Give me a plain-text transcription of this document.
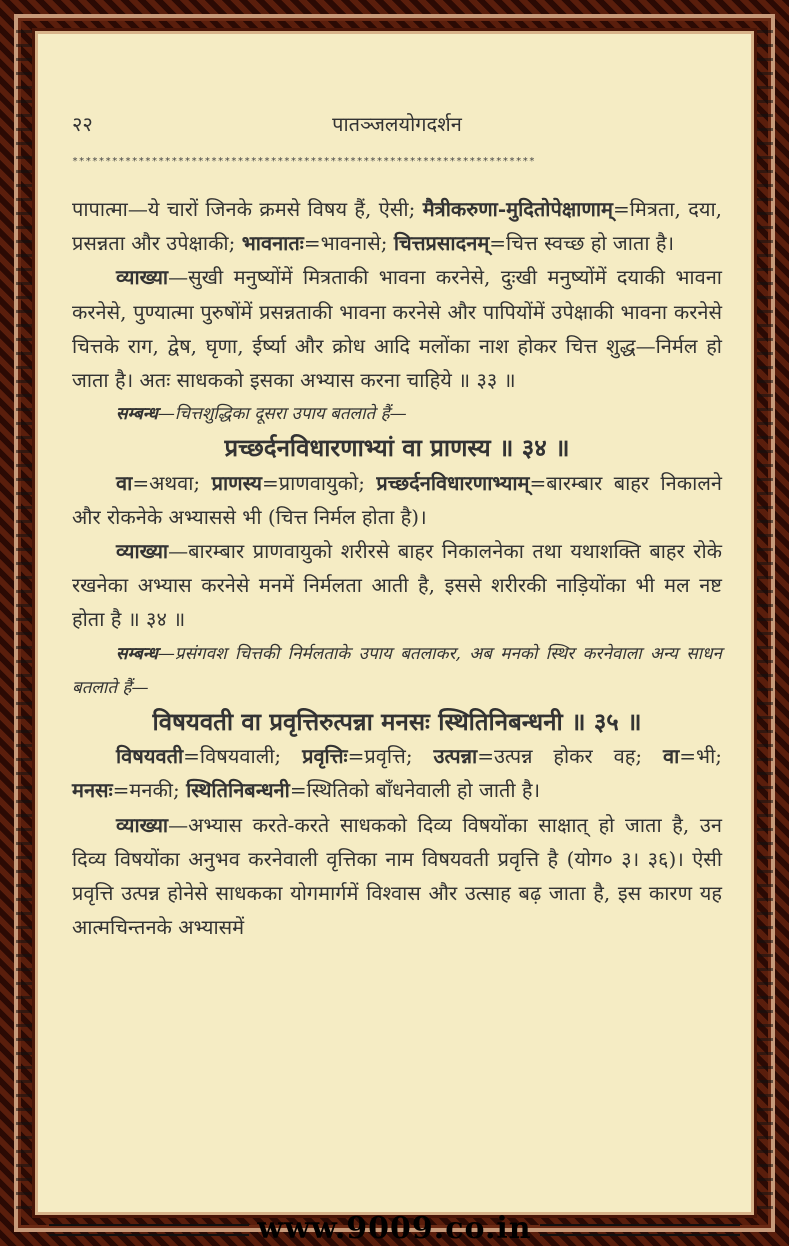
२२	पातञ्जलयोगदर्शन
**********************************************************************

पापात्मा—ये चारों जिनके क्रमसे विषय हैं, ऐसी; मैत्रीकरुणा-मुदितोपेक्षाणाम्=मित्रता, दया, प्रसन्नता और उपेक्षाकी; भावनातः=भावनासे; चित्तप्रसादनम्=चित्त स्वच्छ हो जाता है।

व्याख्या—सुखी मनुष्योंमें मित्रताकी भावना करनेसे, दुःखी मनुष्योंमें दयाकी भावना करनेसे, पुण्यात्मा पुरुषोंमें प्रसन्नताकी भावना करनेसे और पापियोंमें उपेक्षाकी भावना करनेसे चित्तके राग, द्वेष, घृणा, ईर्ष्या और क्रोध आदि मलोंका नाश होकर चित्त शुद्ध—निर्मल हो जाता है। अतः साधकको इसका अभ्यास करना चाहिये ॥ ३३ ॥

सम्बन्ध—चित्तशुद्धिका दूसरा उपाय बतलाते हैं—

प्रच्छर्दनविधारणाभ्यां वा प्राणस्य ॥ ३४ ॥

वा=अथवा; प्राणस्य=प्राणवायुको; प्रच्छर्दनविधारणाभ्याम्=बारम्बार बाहर निकालने और रोकनेके अभ्याससे भी (चित्त निर्मल होता है)।

व्याख्या—बारम्बार प्राणवायुको शरीरसे बाहर निकालनेका तथा यथाशक्ति बाहर रोके रखनेका अभ्यास करनेसे मनमें निर्मलता आती है, इससे शरीरकी नाड़ियोंका भी मल नष्ट होता है ॥ ३४ ॥

सम्बन्ध—प्रसंगवश चित्तकी निर्मलताके उपाय बतलाकर, अब मनको स्थिर करनेवाला अन्य साधन बतलाते हैं—

विषयवती वा प्रवृत्तिरुत्पन्ना मनसः स्थितिनिबन्धनी ॥ ३५ ॥

विषयवती=विषयवाली; प्रवृत्तिः=प्रवृत्ति; उत्पन्ना=उत्पन्न होकर वह; वा=भी; मनसः=मनकी; स्थितिनिबन्धनी=स्थितिको बाँधनेवाली हो जाती है।

व्याख्या—अभ्यास करते-करते साधकको दिव्य विषयोंका साक्षात् हो जाता है, उन दिव्य विषयोंका अनुभव करनेवाली वृत्तिका नाम विषयवती प्रवृत्ति है (योग० ३। ३६)। ऐसी प्रवृत्ति उत्पन्न होनेसे साधकका योगमार्गमें विश्वास और उत्साह बढ़ जाता है, इस कारण यह आत्मचिन्तनके अभ्यासमें

www.9009.co.in
